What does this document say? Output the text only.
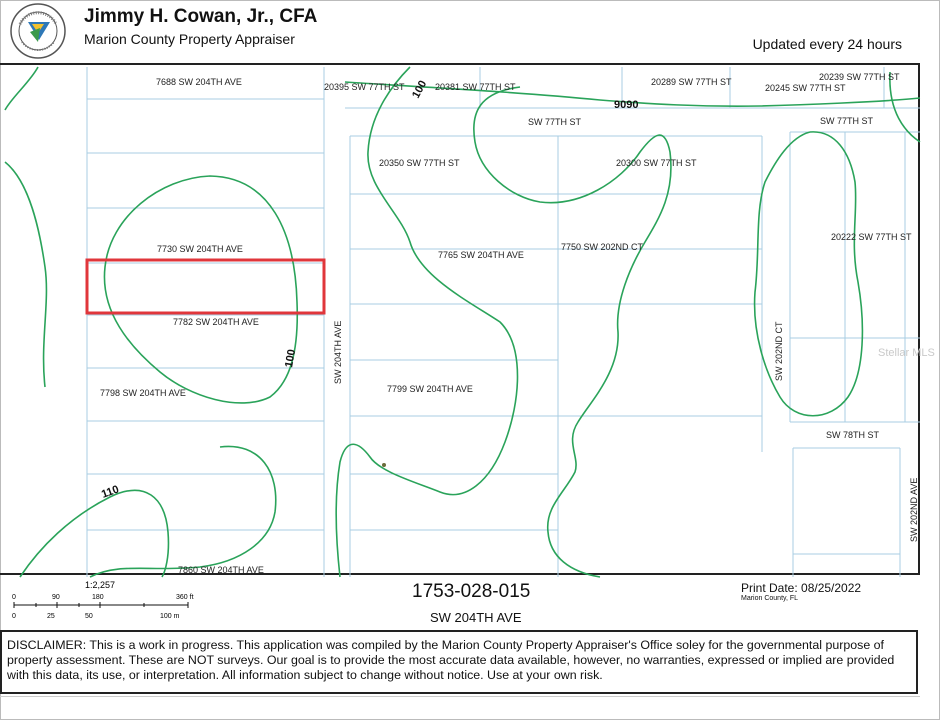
Jimmy H. Cowan, Jr., CFA
Marion County Property Appraiser	Updated every 24 hours
7688 SW 204TH AVE	20395 SW 77TH ST	20381 SW 77TH ST	20289 SW 77TH ST	20239 SW 77TH ST
20245 SW 77TH ST
SW 77TH ST	SW 77TH ST
20350 SW 77TH ST	20300 SW 77TH ST
7730 SW 204TH AVE
7765 SW 204TH AVE
7750 SW 202ND CT
20222 SW 77TH ST
7782 SW 204TH AVE	SW 204TH AVE	SW 202ND CT
7798 SW 204TH AVE	7799 SW 204TH AVE
SW 78TH ST
SW 202ND AVE
7860 SW 204TH AVE
Stellar MLS
100
100
9090
110
1:2,257
0	90	180	360 ft
0	25	50	100 m
1753-028-015
SW 204TH AVE
Print Date: 08/25/2022
Marion County, FL
DISCLAIMER: This is a work in progress. This application was compiled by the Marion County Property Appraiser's Office soley for the governmental purpose of property assessment. These are NOT surveys. Our goal is to provide the most accurate data available, however, no warranties, expressed or implied are provided with this data, its use, or interpretation. All information subject to change without notice. Use at your own risk.
